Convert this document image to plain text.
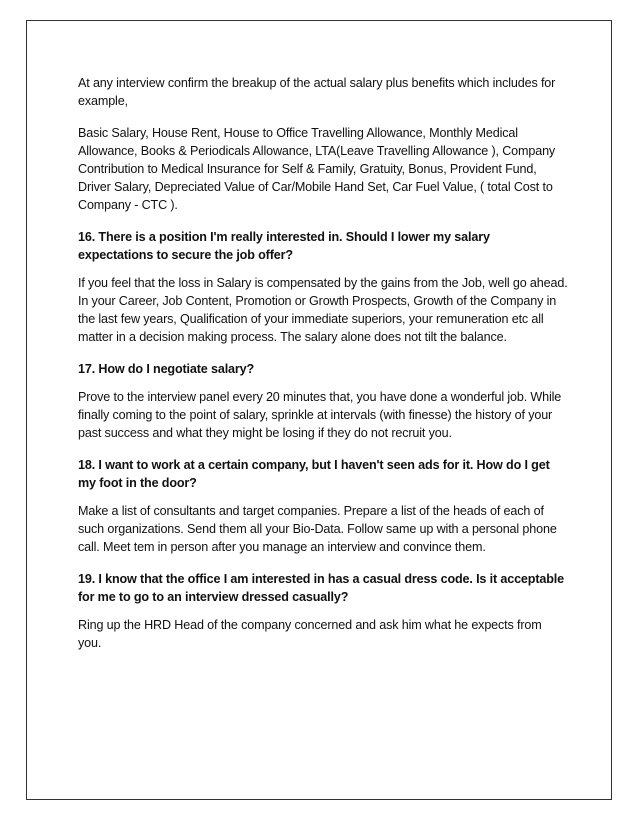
At any interview confirm the breakup of the actual salary plus benefits which includes for example,

Basic Salary, House Rent, House to Office Travelling Allowance, Monthly Medical Allowance, Books & Periodicals Allowance, LTA(Leave Travelling Allowance ), Company Contribution to Medical Insurance for Self & Family, Gratuity, Bonus, Provident Fund, Driver Salary, Depreciated Value of Car/Mobile Hand Set, Car Fuel Value, ( total Cost to Company - CTC ).

16. There is a position I'm really interested in. Should I lower my salary expectations to secure the job offer?

If you feel that the loss in Salary is compensated by the gains from the Job, well go ahead. In your Career, Job Content, Promotion or Growth Prospects, Growth of the Company in the last few years, Qualification of your immediate superiors, your remuneration etc all matter in a decision making process. The salary alone does not tilt the balance.

17. How do I negotiate salary?

Prove to the interview panel every 20 minutes that, you have done a wonderful job. While finally coming to the point of salary, sprinkle at intervals (with finesse) the history of your past success and what they might be losing if they do not recruit you.

18. I want to work at a certain company, but I haven't seen ads for it. How do I get my foot in the door?

Make a list of consultants and target companies. Prepare a list of the heads of each of such organizations. Send them all your Bio-Data. Follow same up with a personal phone call. Meet tem in person after you manage an interview and convince them.

19. I know that the office I am interested in has a casual dress code. Is it acceptable for me to go to an interview dressed casually?

Ring up the HRD Head of the company concerned and ask him what he expects from you.
